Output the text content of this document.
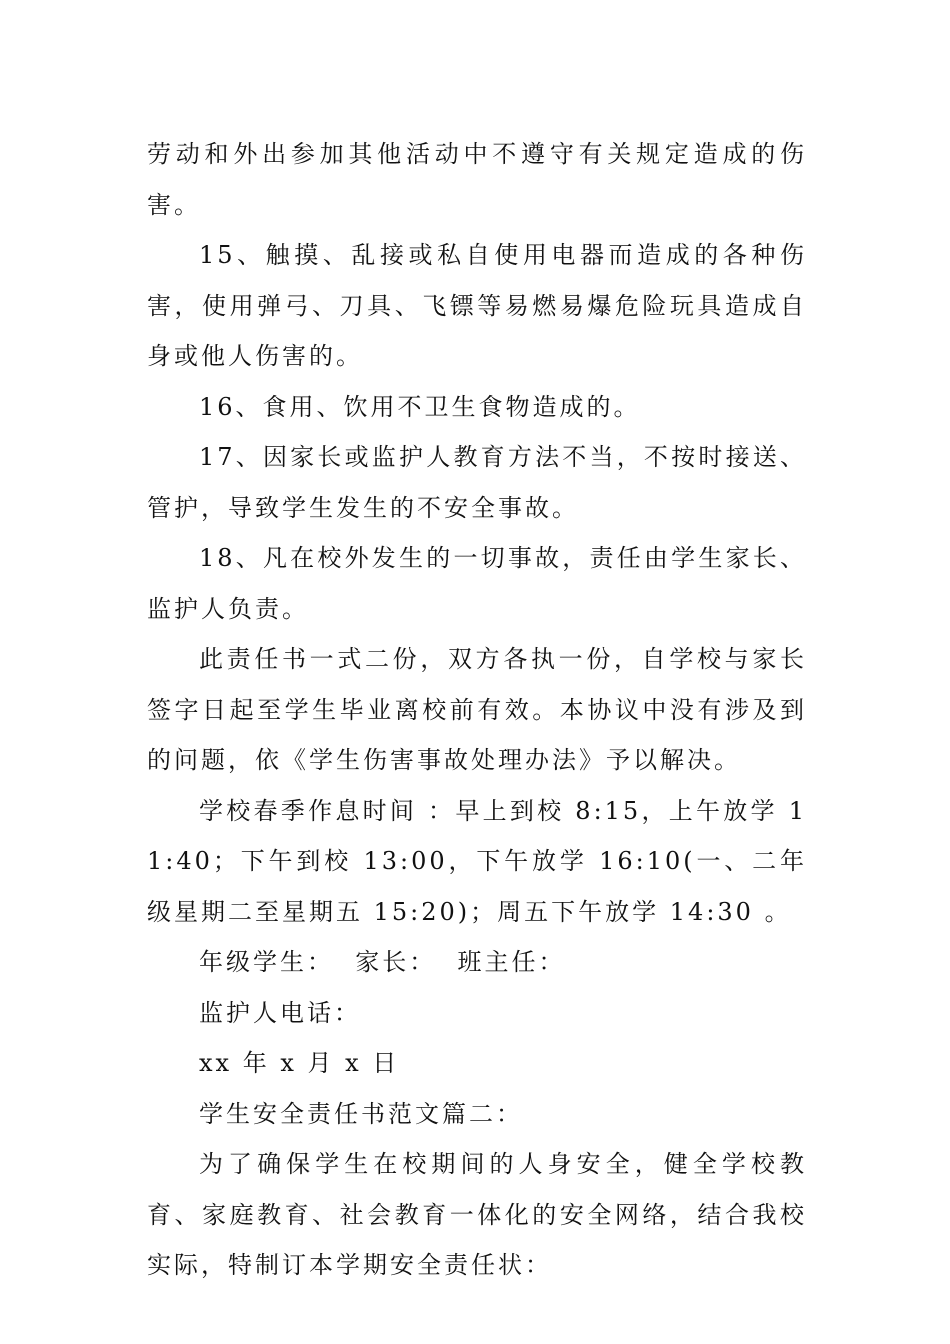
劳动和外出参加其他活动中不遵守有关规定造成的伤害。

15、触摸、乱接或私自使用电器而造成的各种伤害，使用弹弓、刀具、飞镖等易燃易爆危险玩具造成自身或他人伤害的。

16、食用、饮用不卫生食物造成的。

17、因家长或监护人教育方法不当，不按时接送、管护，导致学生发生的不安全事故。

18、凡在校外发生的一切事故，责任由学生家长、监护人负责。

此责任书一式二份，双方各执一份，自学校与家长签字日起至学生毕业离校前有效。本协议中没有涉及到的问题，依《学生伤害事故处理办法》予以解决。

学校春季作息时间 ：早上到校 8:15，上午放学 11:40；下午到校 13:00，下午放学 16:10(一、二年级星期二至星期五 15:20)；周五下午放学 14:30 。

年级学生：  家长：  班主任：

监护人电话：

xx 年 x 月 x 日

学生安全责任书范文篇二：

为了确保学生在校期间的人身安全，健全学校教育、家庭教育、社会教育一体化的安全网络，结合我校实际，特制订本学期安全责任状：
